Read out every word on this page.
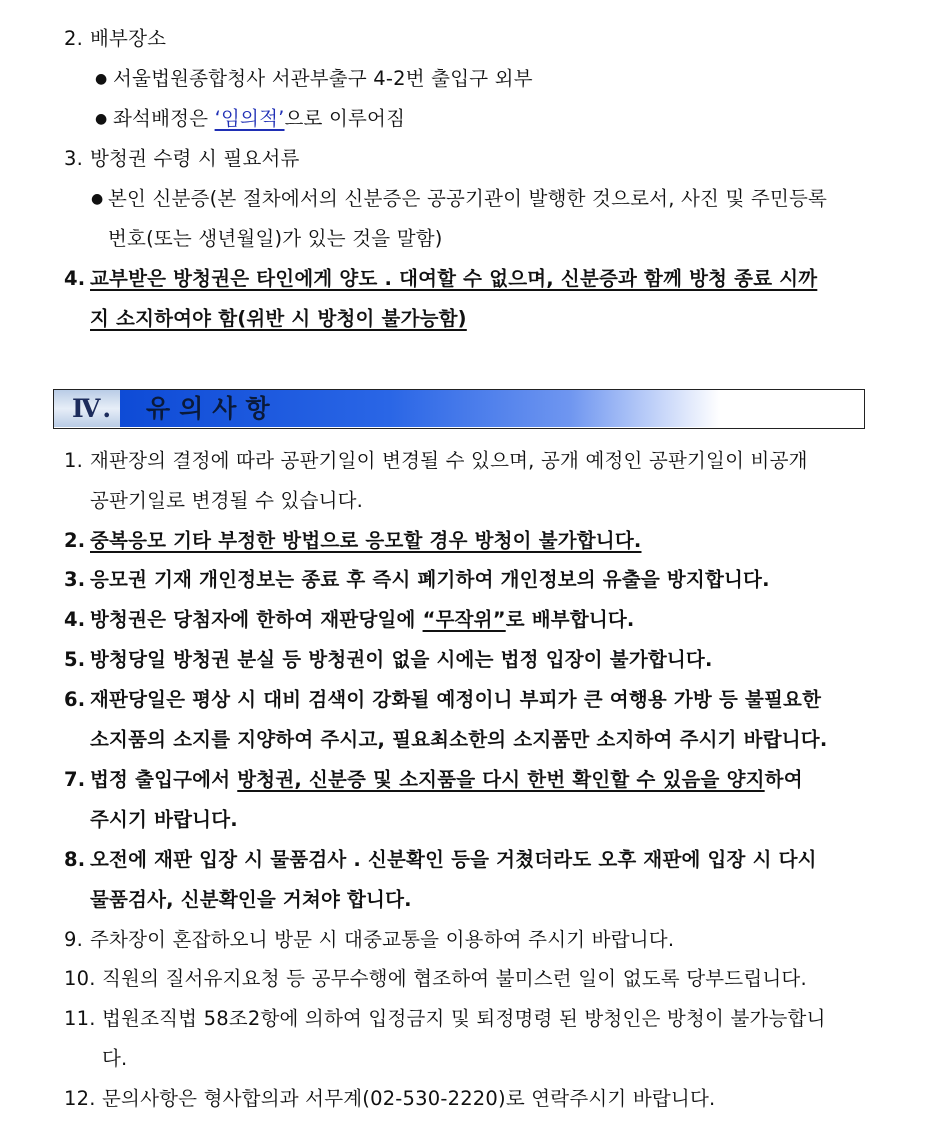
2. 배부장소
● 서울법원종합청사 서관부출구 4-2번 출입구 외부
● 좌석배정은 ‘임의적’으로 이루어짐
3. 방청권 수령 시 필요서류
● 본인 신분증(본 절차에서의 신분증은 공공기관이 발행한 것으로서, 사진 및 주민등록
번호(또는 생년월일)가 있는 것을 말함)
4. 교부받은 방청권은 타인에게 양도 . 대여할 수 없으며, 신분증과 함께 방청 종료 시까
지 소지하여야 함(위반 시 방청이 불가능함)
Ⅳ. 유의사항
1. 재판장의 결정에 따라 공판기일이 변경될 수 있으며, 공개 예정인 공판기일이 비공개
공판기일로 변경될 수 있습니다.
2. 중복응모 기타 부정한 방법으로 응모할 경우 방청이 불가합니다.
3. 응모권 기재 개인정보는 종료 후 즉시 폐기하여 개인정보의 유출을 방지합니다.
4. 방청권은 당첨자에 한하여 재판당일에 “무작위”로 배부합니다.
5. 방청당일 방청권 분실 등 방청권이 없을 시에는 법정 입장이 불가합니다.
6. 재판당일은 평상 시 대비 검색이 강화될 예정이니 부피가 큰 여행용 가방 등 불필요한
소지품의 소지를 지양하여 주시고, 필요최소한의 소지품만 소지하여 주시기 바랍니다.
7. 법정 출입구에서 방청권, 신분증 및 소지품을 다시 한번 확인할 수 있음을 양지하여
주시기 바랍니다.
8. 오전에 재판 입장 시 물품검사 . 신분확인 등을 거쳤더라도 오후 재판에 입장 시 다시
물품검사, 신분확인을 거쳐야 합니다.
9. 주차장이 혼잡하오니 방문 시 대중교통을 이용하여 주시기 바랍니다.
10. 직원의 질서유지요청 등 공무수행에 협조하여 불미스런 일이 없도록 당부드립니다.
11. 법원조직법 58조2항에 의하여 입정금지 및 퇴정명령 된 방청인은 방청이 불가능합니
다.
12. 문의사항은 형사합의과 서무계(02-530-2220)로 연락주시기 바랍니다.
